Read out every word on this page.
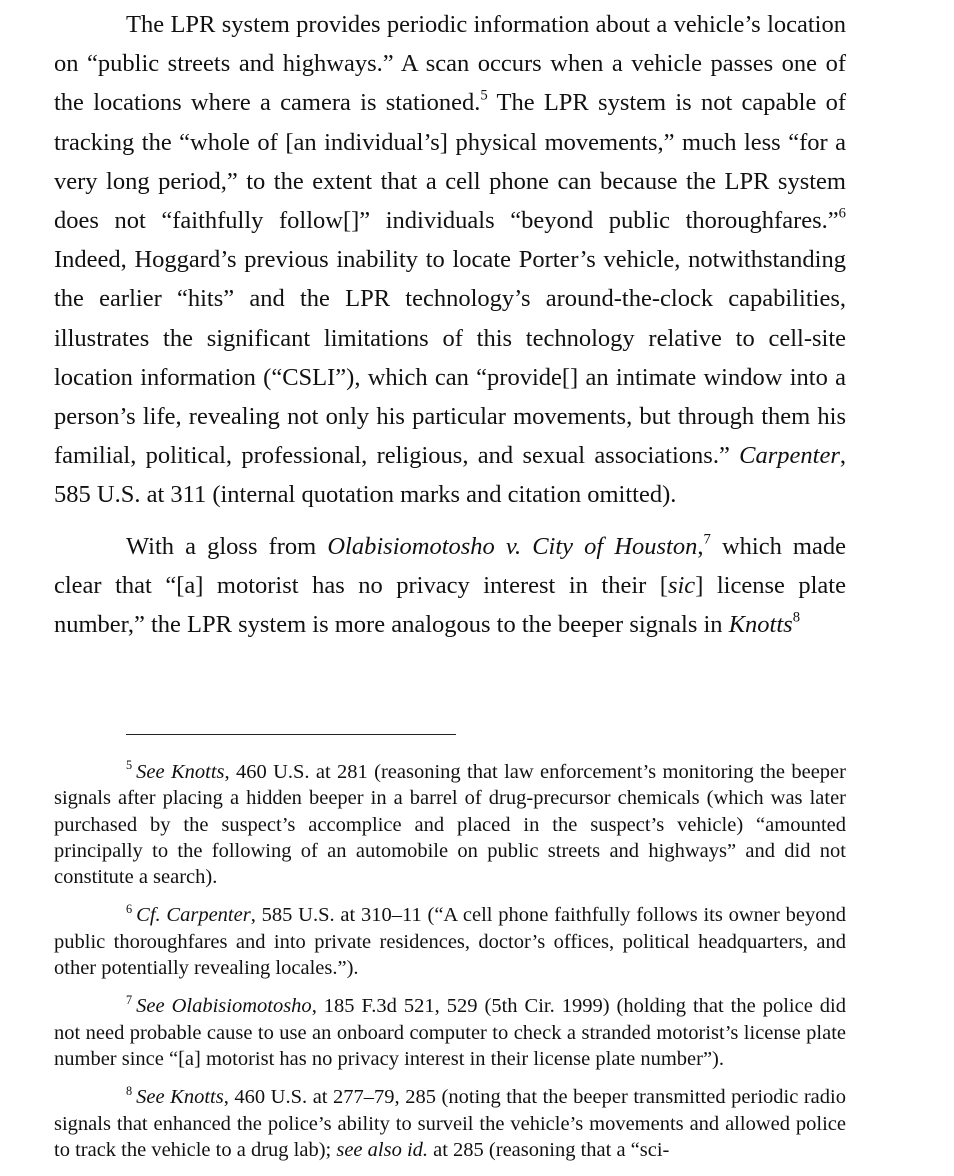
The LPR system provides periodic information about a vehicle’s location on “public streets and highways.” A scan occurs when a vehicle passes one of the locations where a camera is stationed.$^5$ The LPR system is not capable of tracking the “whole of [an individual’s] physical movements,” much less “for a very long period,” to the extent that a cell phone can because the LPR system does not “faithfully follow[]” individuals “beyond public thoroughfares.”$^6$ Indeed, Hoggard’s previous inability to locate Porter’s vehicle, notwithstanding the earlier “hits” and the LPR technology’s around-the-clock capabilities, illustrates the significant limitations of this technology relative to cell-site location information (“CSLI”), which can “provide[] an intimate window into a person’s life, revealing not only his particular movements, but through them his familial, political, professional, religious, and sexual associations.” Carpenter, 585 U.S. at 311 (internal quotation marks and citation omitted).

With a gloss from Olabisiomotosho v. City of Houston,$^7$ which made clear that “[a] motorist has no privacy interest in their [sic] license plate number,” the LPR system is more analogous to the beeper signals in Knotts$^8$

$^5$ See Knotts, 460 U.S. at 281 (reasoning that law enforcement’s monitoring the beeper signals after placing a hidden beeper in a barrel of drug-precursor chemicals (which was later purchased by the suspect’s accomplice and placed in the suspect’s vehicle) “amounted principally to the following of an automobile on public streets and highways” and did not constitute a search).

$^6$ Cf. Carpenter, 585 U.S. at 310–11 (“A cell phone faithfully follows its owner beyond public thoroughfares and into private residences, doctor’s offices, political headquarters, and other potentially revealing locales.”).

$^7$ See Olabisiomotosho, 185 F.3d 521, 529 (5th Cir. 1999) (holding that the police did not need probable cause to use an onboard computer to check a stranded motorist’s license plate number since “[a] motorist has no privacy interest in their license plate number”).

$^8$ See Knotts, 460 U.S. at 277–79, 285 (noting that the beeper transmitted periodic radio signals that enhanced the police’s ability to surveil the vehicle’s movements and allowed police to track the vehicle to a drug lab); see also id. at 285 (reasoning that a “sci-
